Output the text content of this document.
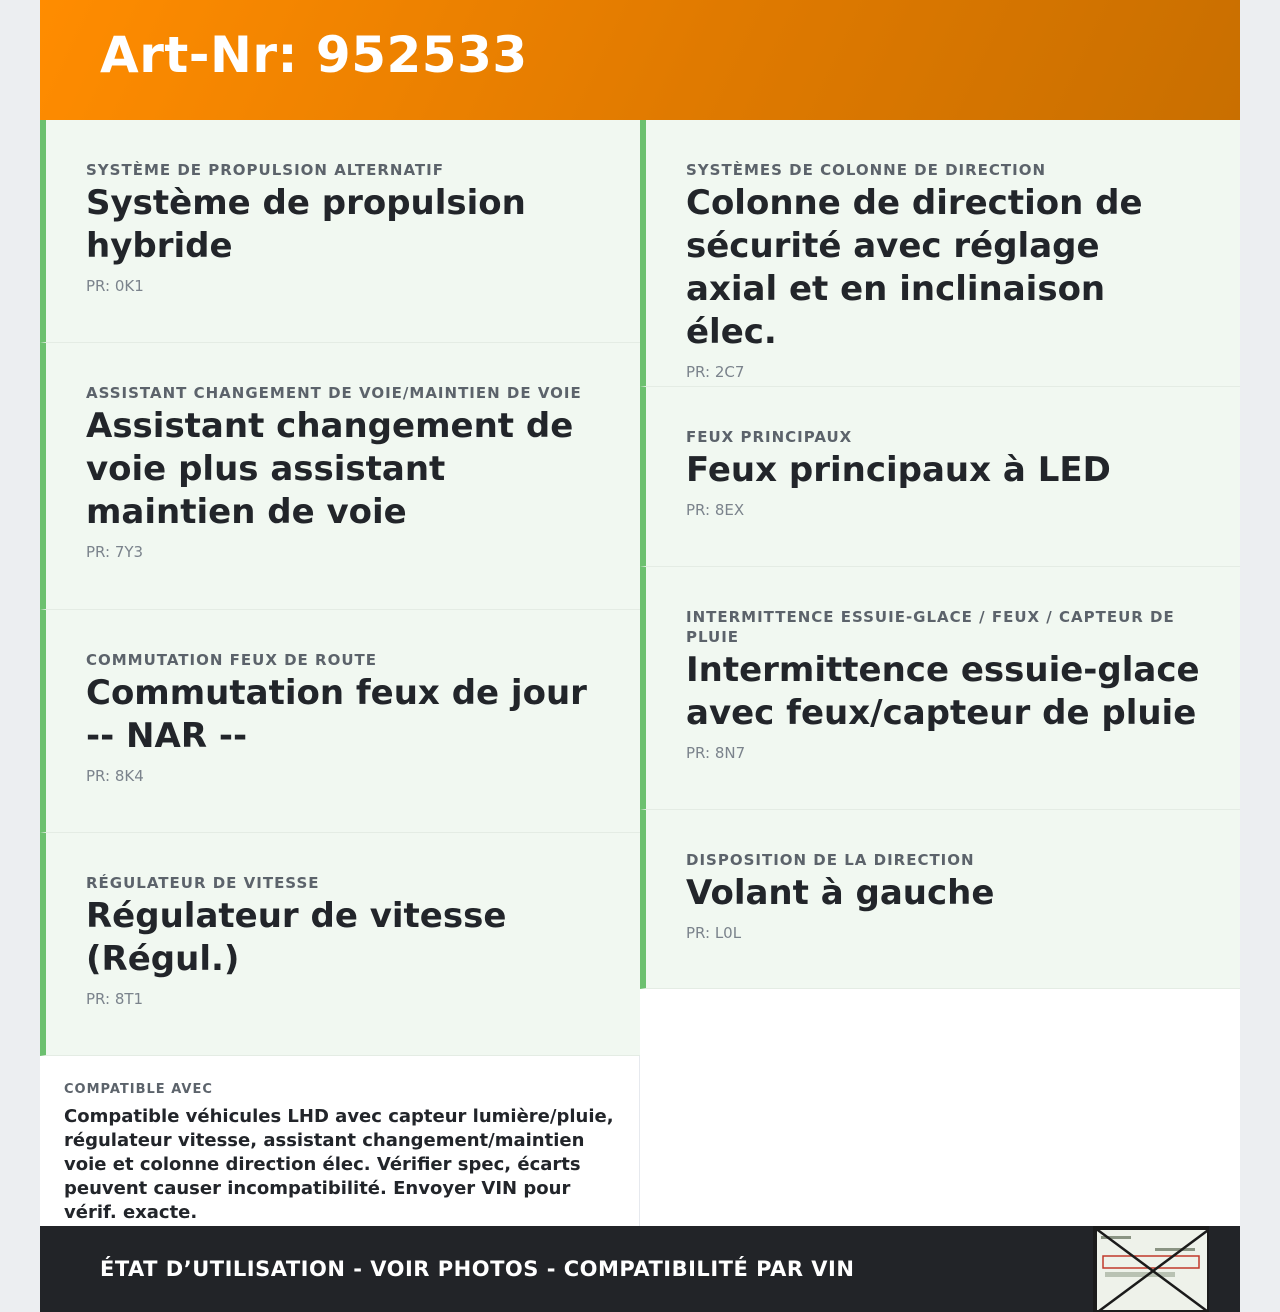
Art-Nr: 952533
SYSTÈME DE PROPULSION ALTERNATIF
Système de propulsion hybride
PR: 0K1
ASSISTANT CHANGEMENT DE VOIE/MAINTIEN DE VOIE
Assistant changement de voie plus assistant maintien de voie
PR: 7Y3
COMMUTATION FEUX DE ROUTE
Commutation feux de jour -- NAR --
PR: 8K4
RÉGULATEUR DE VITESSE
Régulateur de vitesse (Régul.)
PR: 8T1
SYSTÈMES DE COLONNE DE DIRECTION
Colonne de direction de sécurité avec réglage axial et en inclinaison élec.
PR: 2C7
FEUX PRINCIPAUX
Feux principaux à LED
PR: 8EX
INTERMITTENCE ESSUIE-GLACE / FEUX / CAPTEUR DE PLUIE
Intermittence essuie-glace avec feux/capteur de pluie
PR: 8N7
DISPOSITION DE LA DIRECTION
Volant à gauche
PR: L0L
COMPATIBLE AVEC
Compatible véhicules LHD avec capteur lumière/pluie, régulateur vitesse, assistant changement/maintien voie et colonne direction élec. Vérifier spec, écarts peuvent causer incompatibilité. Envoyer VIN pour vérif. exacte.
ÉTAT D’UTILISATION - VOIR PHOTOS - COMPATIBILITÉ PAR VIN
